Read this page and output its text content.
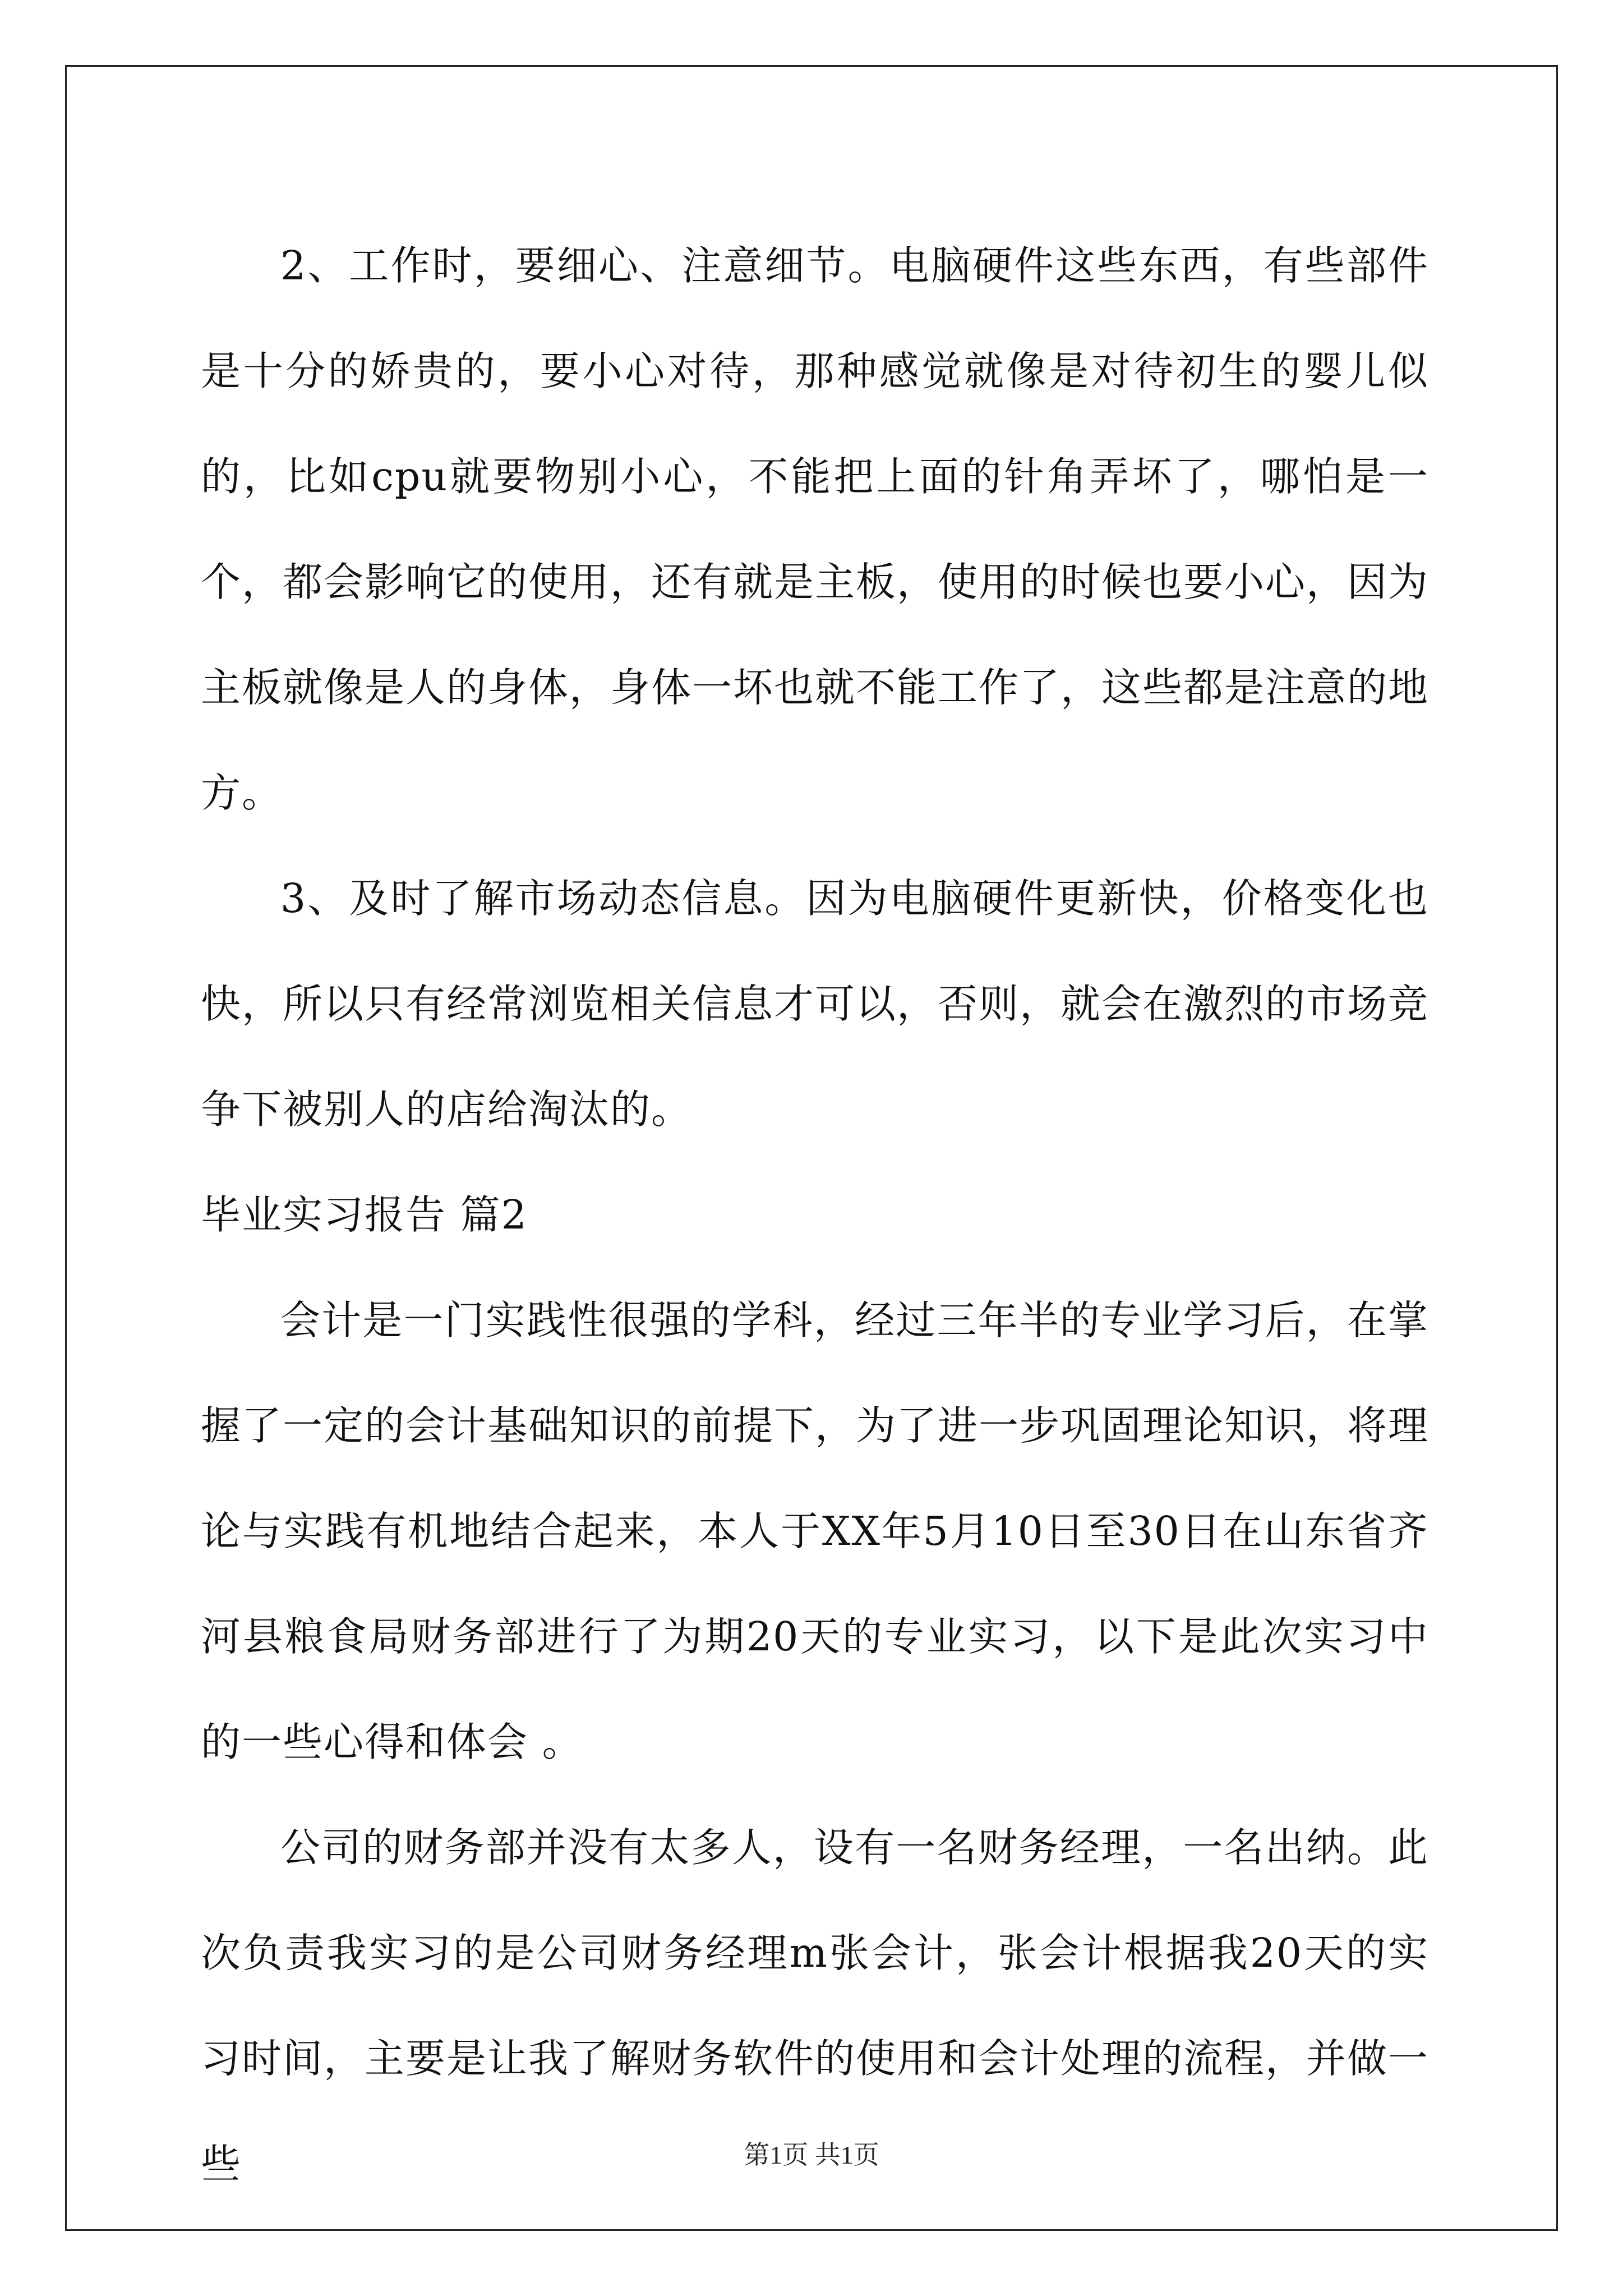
2、工作时，要细心、注意细节。电脑硬件这些东西，有些部件是十分的娇贵的，要小心对待，那种感觉就像是对待初生的婴儿似的，比如cpu就要物别小心，不能把上面的针角弄坏了，哪怕是一个，都会影响它的使用，还有就是主板，使用的时候也要小心，因为主板就像是人的身体，身体一坏也就不能工作了，这些都是注意的地方。

3、及时了解市场动态信息。因为电脑硬件更新快，价格变化也快，所以只有经常浏览相关信息才可以，否则，就会在激烈的市场竞争下被别人的店给淘汰的。

毕业实习报告 篇2

会计是一门实践性很强的学科，经过三年半的专业学习后，在掌握了一定的会计基础知识的前提下，为了进一步巩固理论知识，将理论与实践有机地结合起来，本人于XX年5月10日至30日在山东省齐河县粮食局财务部进行了为期20天的专业实习，以下是此次实习中的一些心得和体会 。

公司的财务部并没有太多人，设有一名财务经理，一名出纳。此次负责我实习的是公司财务经理m张会计，张会计根据我20天的实习时间，主要是让我了解财务软件的使用和会计处理的流程，并做一些	第1页 共1页
